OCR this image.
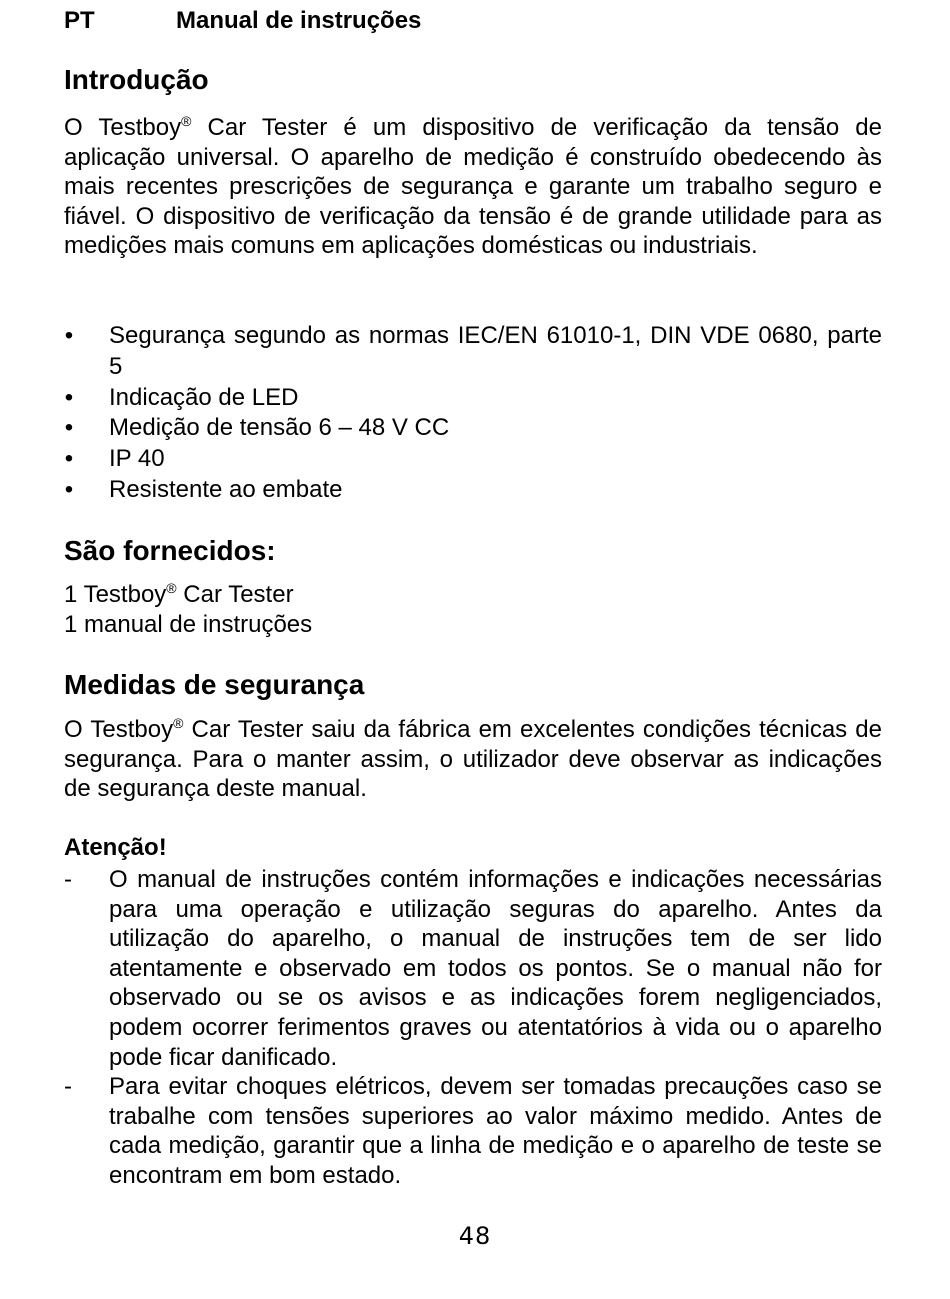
PT	Manual de instruções
Introdução

O Testboy® Car Tester é um dispositivo de verificação da tensão de aplicação universal. O aparelho de medição é construído obedecendo às mais recentes prescrições de segurança e garante um trabalho seguro e fiável. O dispositivo de verificação da tensão é de grande utilidade para as medições mais comuns em aplicações domésticas ou industriais.

• Segurança segundo as normas IEC/EN 61010-1, DIN VDE 0680, parte 5
• Indicação de LED
• Medição de tensão 6 – 48 V CC
• IP 40
• Resistente ao embate
São fornecidos:

1 Testboy® Car Tester

1 manual de instruções

Medidas de segurança

O Testboy® Car Tester saiu da fábrica em excelentes condições técnicas de segurança. Para o manter assim, o utilizador deve observar as indicações de segurança deste manual.

Atenção!

- O manual de instruções contém informações e indicações necessárias para uma operação e utilização seguras do aparelho. Antes da utilização do aparelho, o manual de instruções tem de ser lido atentamente e observado em todos os pontos. Se o manual não for observado ou se os avisos e as indicações forem negligenciados, podem ocorrer ferimentos graves ou atentatórios à vida ou o aparelho pode ficar danificado.
- Para evitar choques elétricos, devem ser tomadas precauções caso se trabalhe com tensões superiores ao valor máximo medido. Antes de cada medição, garantir que a linha de medição e o aparelho de teste se encontram em bom estado.
48
